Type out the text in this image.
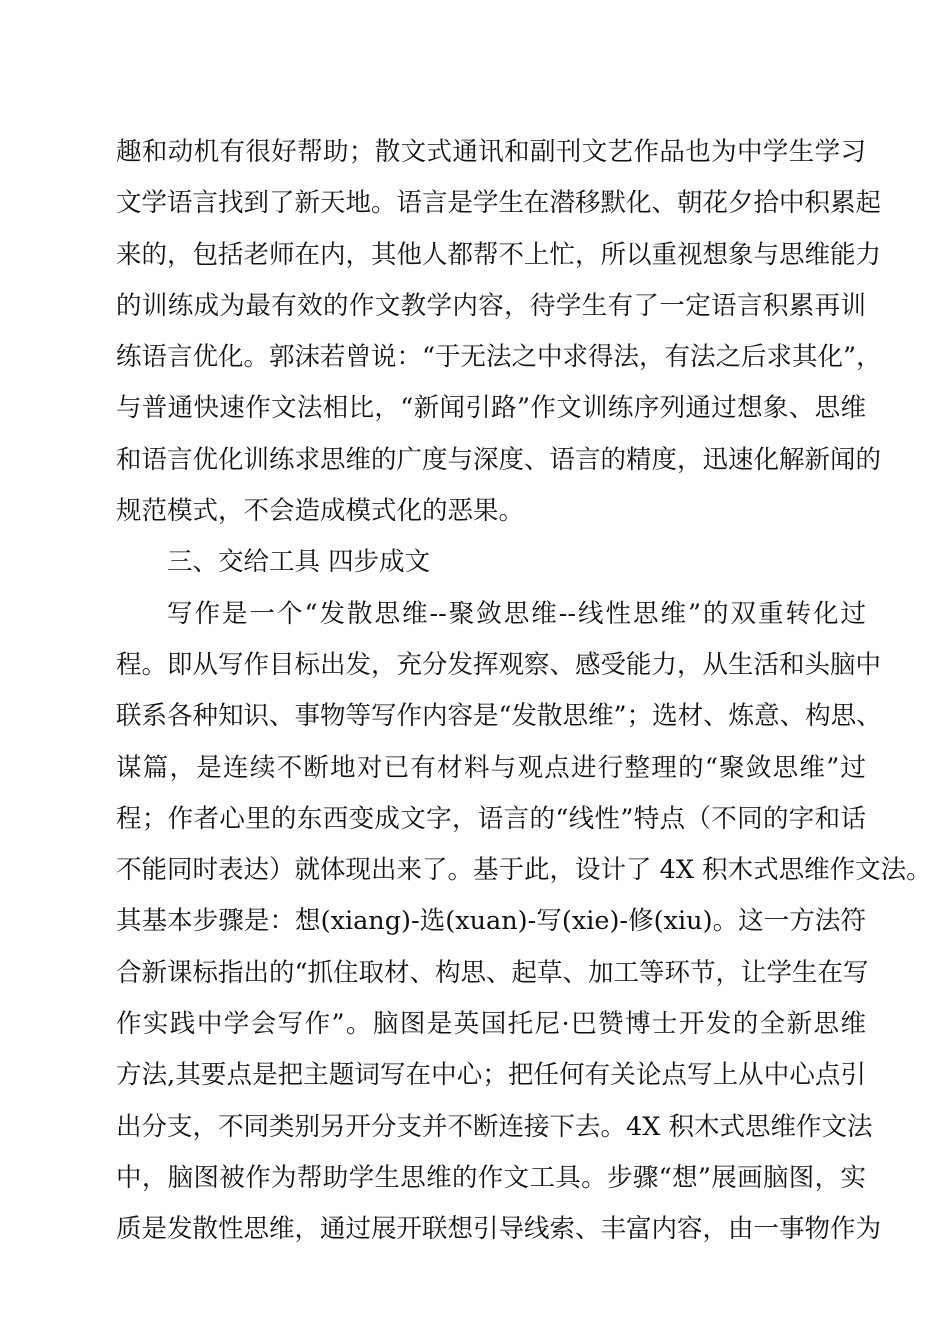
趣和动机有很好帮助；散文式通讯和副刊文艺作品也为中学生学习
文学语言找到了新天地。语言是学生在潜移默化、朝花夕拾中积累起
来的，包括老师在内，其他人都帮不上忙，所以重视想象与思维能力
的训练成为最有效的作文教学内容，待学生有了一定语言积累再训
练语言优化。郭沫若曾说：“于无法之中求得法，有法之后求其化”，
与普通快速作文法相比，“新闻引路”作文训练序列通过想象、思维
和语言优化训练求思维的广度与深度、语言的精度，迅速化解新闻的
规范模式，不会造成模式化的恶果。
三、交给工具 四步成文
写作是一个“发散思维--聚敛思维--线性思维”的双重转化过
程。即从写作目标出发，充分发挥观察、感受能力，从生活和头脑中
联系各种知识、事物等写作内容是“发散思维”；选材、炼意、构思、
谋篇，是连续不断地对已有材料与观点进行整理的“聚敛思维”过
程；作者心里的东西变成文字，语言的“线性”特点（不同的字和话
不能同时表达）就体现出来了。基于此，设计了 4X 积木式思维作文法。
其基本步骤是：想(xiang)-选(xuan)-写(xie)-修(xiu)。这一方法符
合新课标指出的“抓住取材、构思、起草、加工等环节，让学生在写
作实践中学会写作”。脑图是英国托尼·巴赞博士开发的全新思维
方法,其要点是把主题词写在中心；把任何有关论点写上从中心点引
出分支，不同类别另开分支并不断连接下去。4X 积木式思维作文法
中，脑图被作为帮助学生思维的作文工具。步骤“想”展画脑图，实
质是发散性思维，通过展开联想引导线索、丰富内容，由一事物作为
